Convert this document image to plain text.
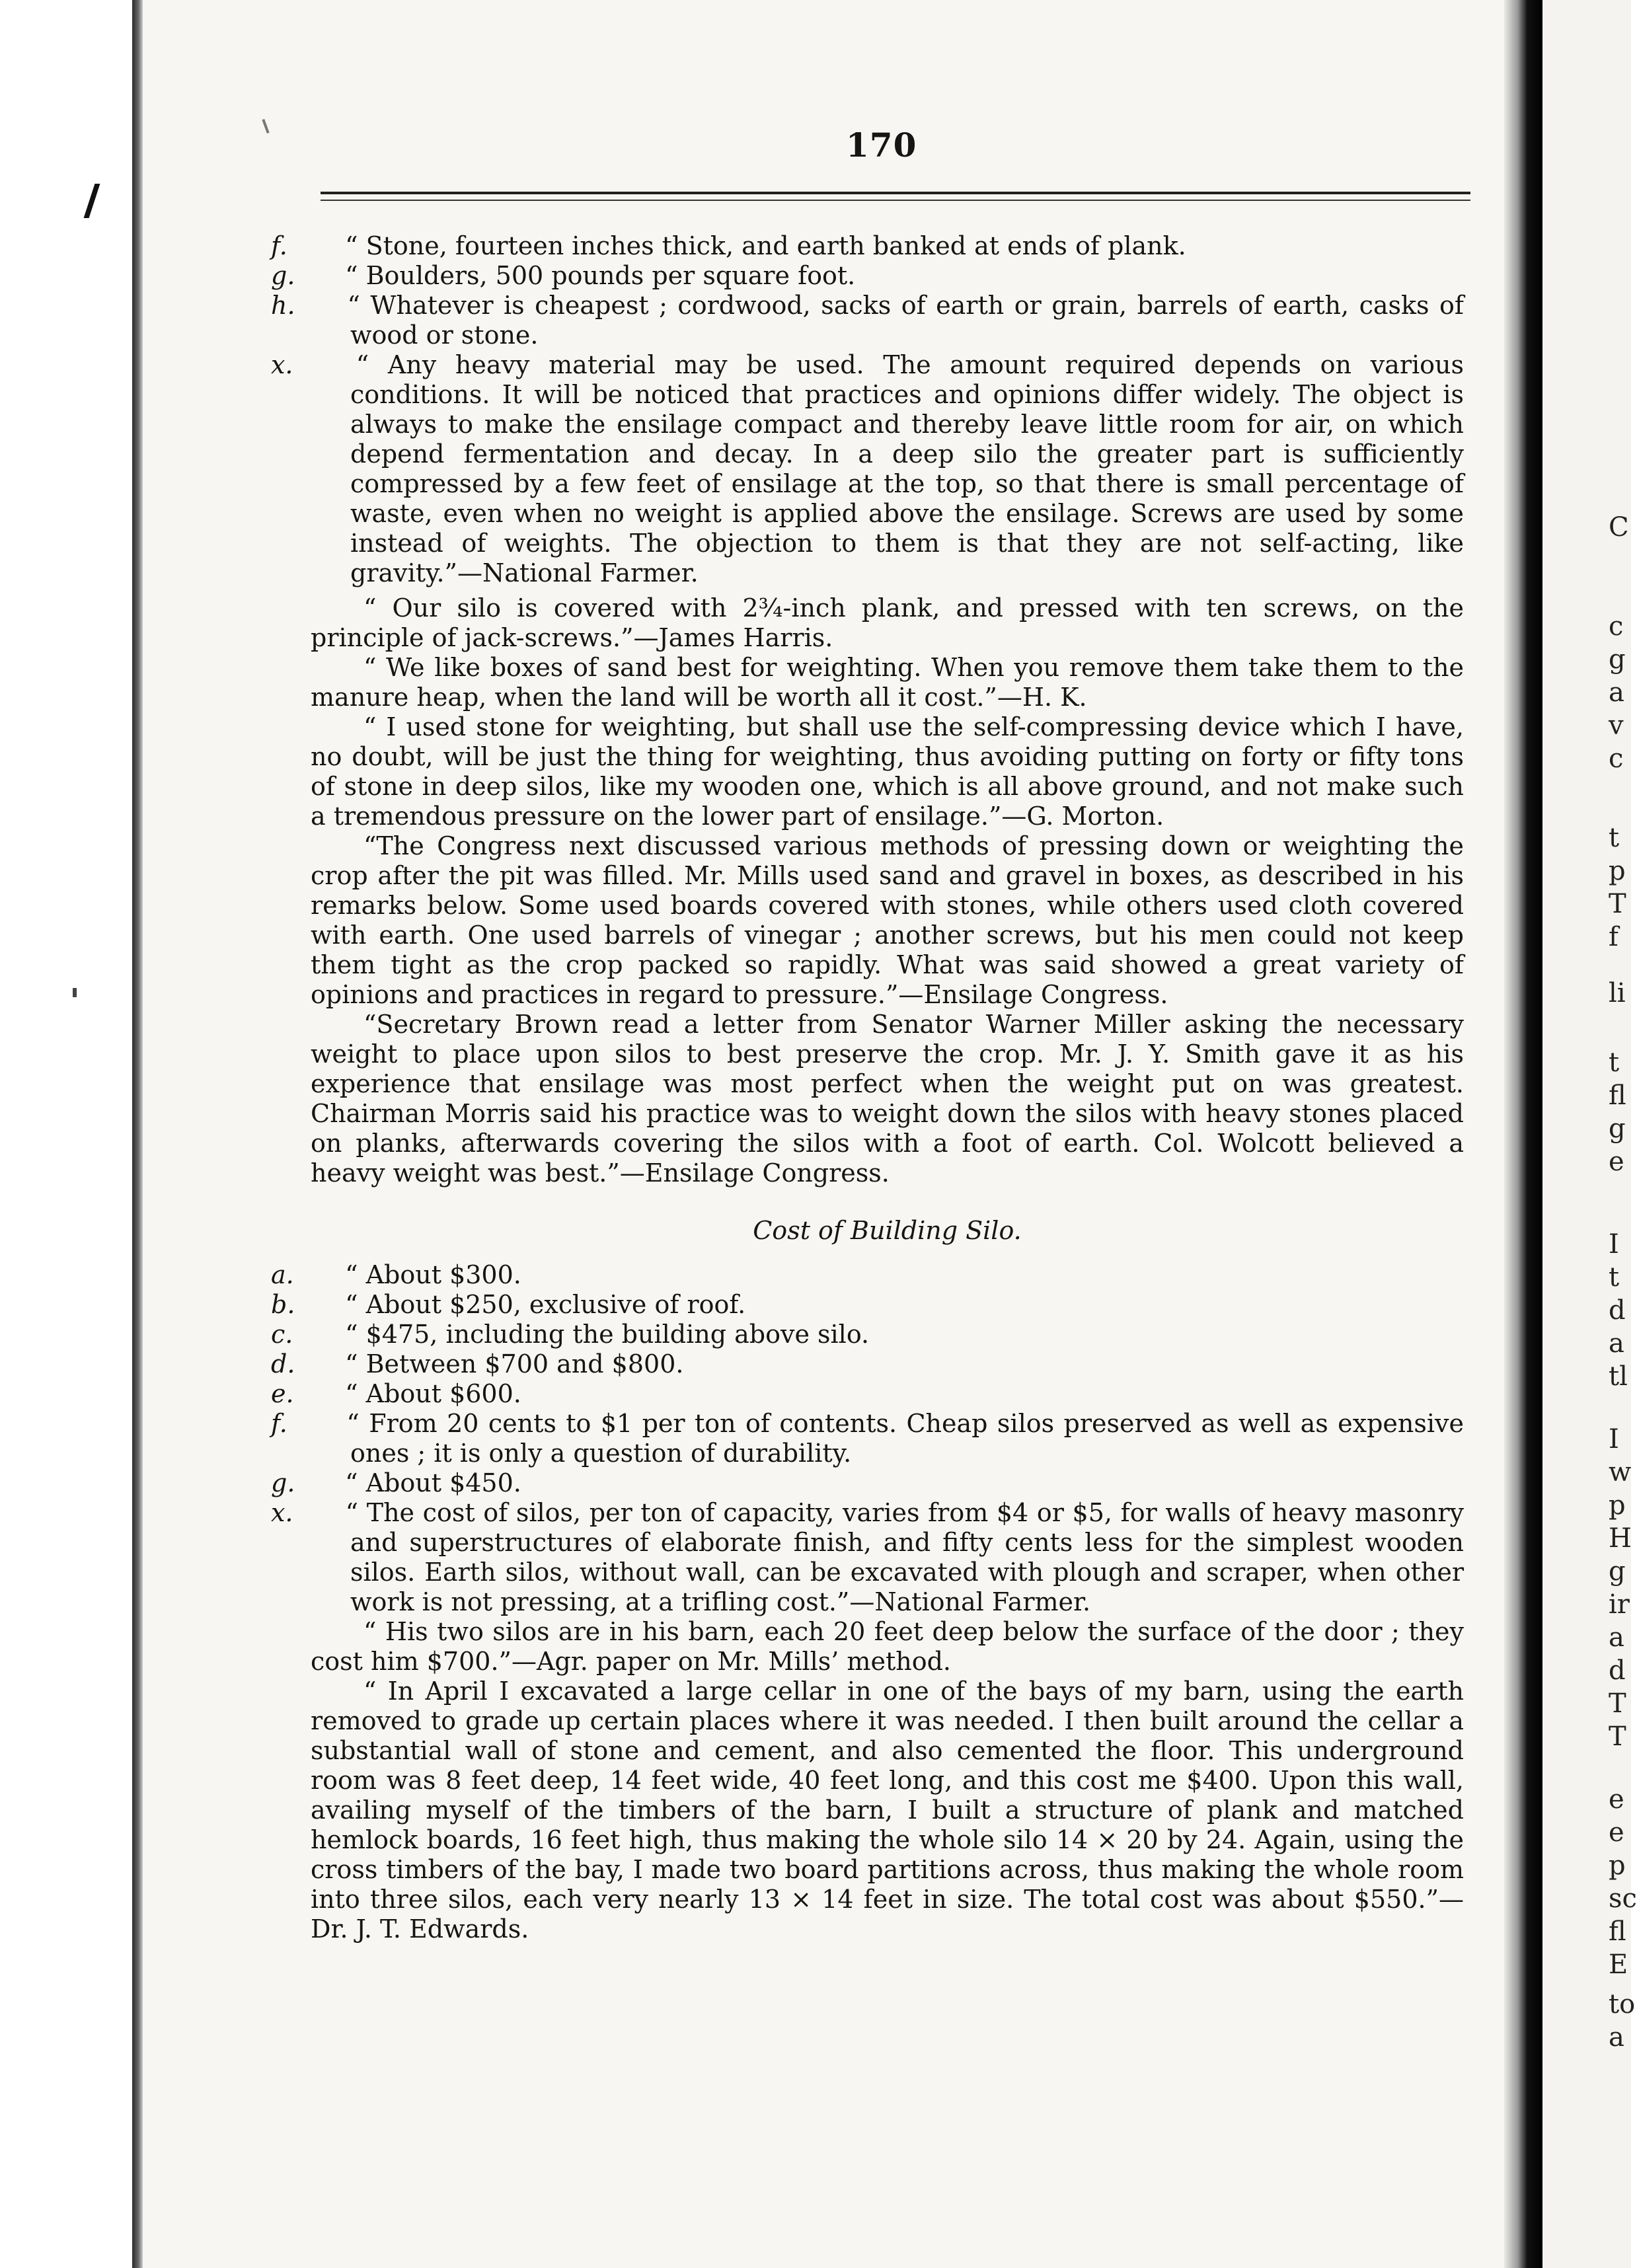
170

f. “ Stone, fourteen inches thick, and earth banked at ends of plank.

g. “ Boulders, 500 pounds per square foot.

h. “ Whatever is cheapest ; cordwood, sacks of earth or grain, barrels of earth, casks of wood or stone.

x.	“ Any heavy material may be used. The amount required depends on various conditions. It will be noticed that practices and opinions differ widely. The object is always to make the ensilage compact and thereby leave little room for air, on which depend fermentation and decay. In a deep silo the greater part is sufficiently compressed by a few feet of ensilage at the top, so that there is small percentage of waste, even when no weight is applied above the ensilage. Screws are used by some instead of weights. The objection to them is that they are not self-acting, like gravity.”—National Farmer.

“ Our silo is covered with 2¾-inch plank, and pressed with ten screws, on the principle of jack-screws.”—James Harris.

“ We like boxes of sand best for weighting. When you remove them take them to the manure heap, when the land will be worth all it cost.”—H. K.

“ I used stone for weighting, but shall use the self-compressing device which I have, no doubt, will be just the thing for weighting, thus avoiding putting on forty or fifty tons of stone in deep silos, like my wooden one, which is all above ground, and not make such a tremendous pressure on the lower part of ensilage.”—G. Morton.

“The Congress next discussed various methods of pressing down or weighting the crop after the pit was filled. Mr. Mills used sand and gravel in boxes, as described in his remarks below. Some used boards covered with stones, while others used cloth covered with earth. One used barrels of vinegar ; another screws, but his men could not keep them tight as the crop packed so rapidly. What was said showed a great variety of opinions and practices in regard to pressure.”—Ensilage Congress.

“Secretary Brown read a letter from Senator Warner Miller asking the necessary weight to place upon silos to best preserve the crop. Mr. J. Y. Smith gave it as his experience that ensilage was most perfect when the weight put on was greatest. Chairman Morris said his practice was to weight down the silos with heavy stones placed on planks, afterwards covering the silos with a foot of earth. Col. Wolcott believed a heavy weight was best.”—Ensilage Congress.

Cost of Building Silo.

a. “ About $300.

b. “ About $250, exclusive of roof.

c. “ $475, including the building above silo.

d. “ Between $700 and $800.

e. “ About $600.

f. “ From 20 cents to $1 per ton of contents. Cheap silos preserved as well as expensive ones ; it is only a question of durability.

g. “ About $450.

x. “ The cost of silos, per ton of capacity, varies from $4 or $5, for walls of heavy masonry and superstructures of elaborate finish, and fifty cents less for the simplest wooden silos. Earth silos, without wall, can be excavated with plough and scraper, when other work is not pressing, at a trifling cost.”—National Farmer.

“ His two silos are in his barn, each 20 feet deep below the surface of the door ; they cost him $700.”—Agr. paper on Mr. Mills’ method.

“ In April I excavated a large cellar in one of the bays of my barn, using the earth removed to grade up certain places where it was needed. I then built around the cellar a substantial wall of stone and cement, and also cemented the floor. This underground room was 8 feet deep, 14 feet wide, 40 feet long, and this cost me $400. Upon this wall, availing myself of the timbers of the barn, I built a structure of plank and matched hemlock boards, 16 feet high, thus making the whole silo 14 × 20 by 24. Again, using the cross timbers of the bay, I made two board partitions across, thus making the whole room into three silos, each very nearly 13 × 14 feet in size. The total cost was about $550.”—Dr. J. T. Edwards.

C
c
g
a
v
c
t
p
T
f
li
t
fl
g
e
I
t
d
a
tl
I
w
p
H
g
ir
a
d
T
T
e
e
p
sc
fl
E
to
a
